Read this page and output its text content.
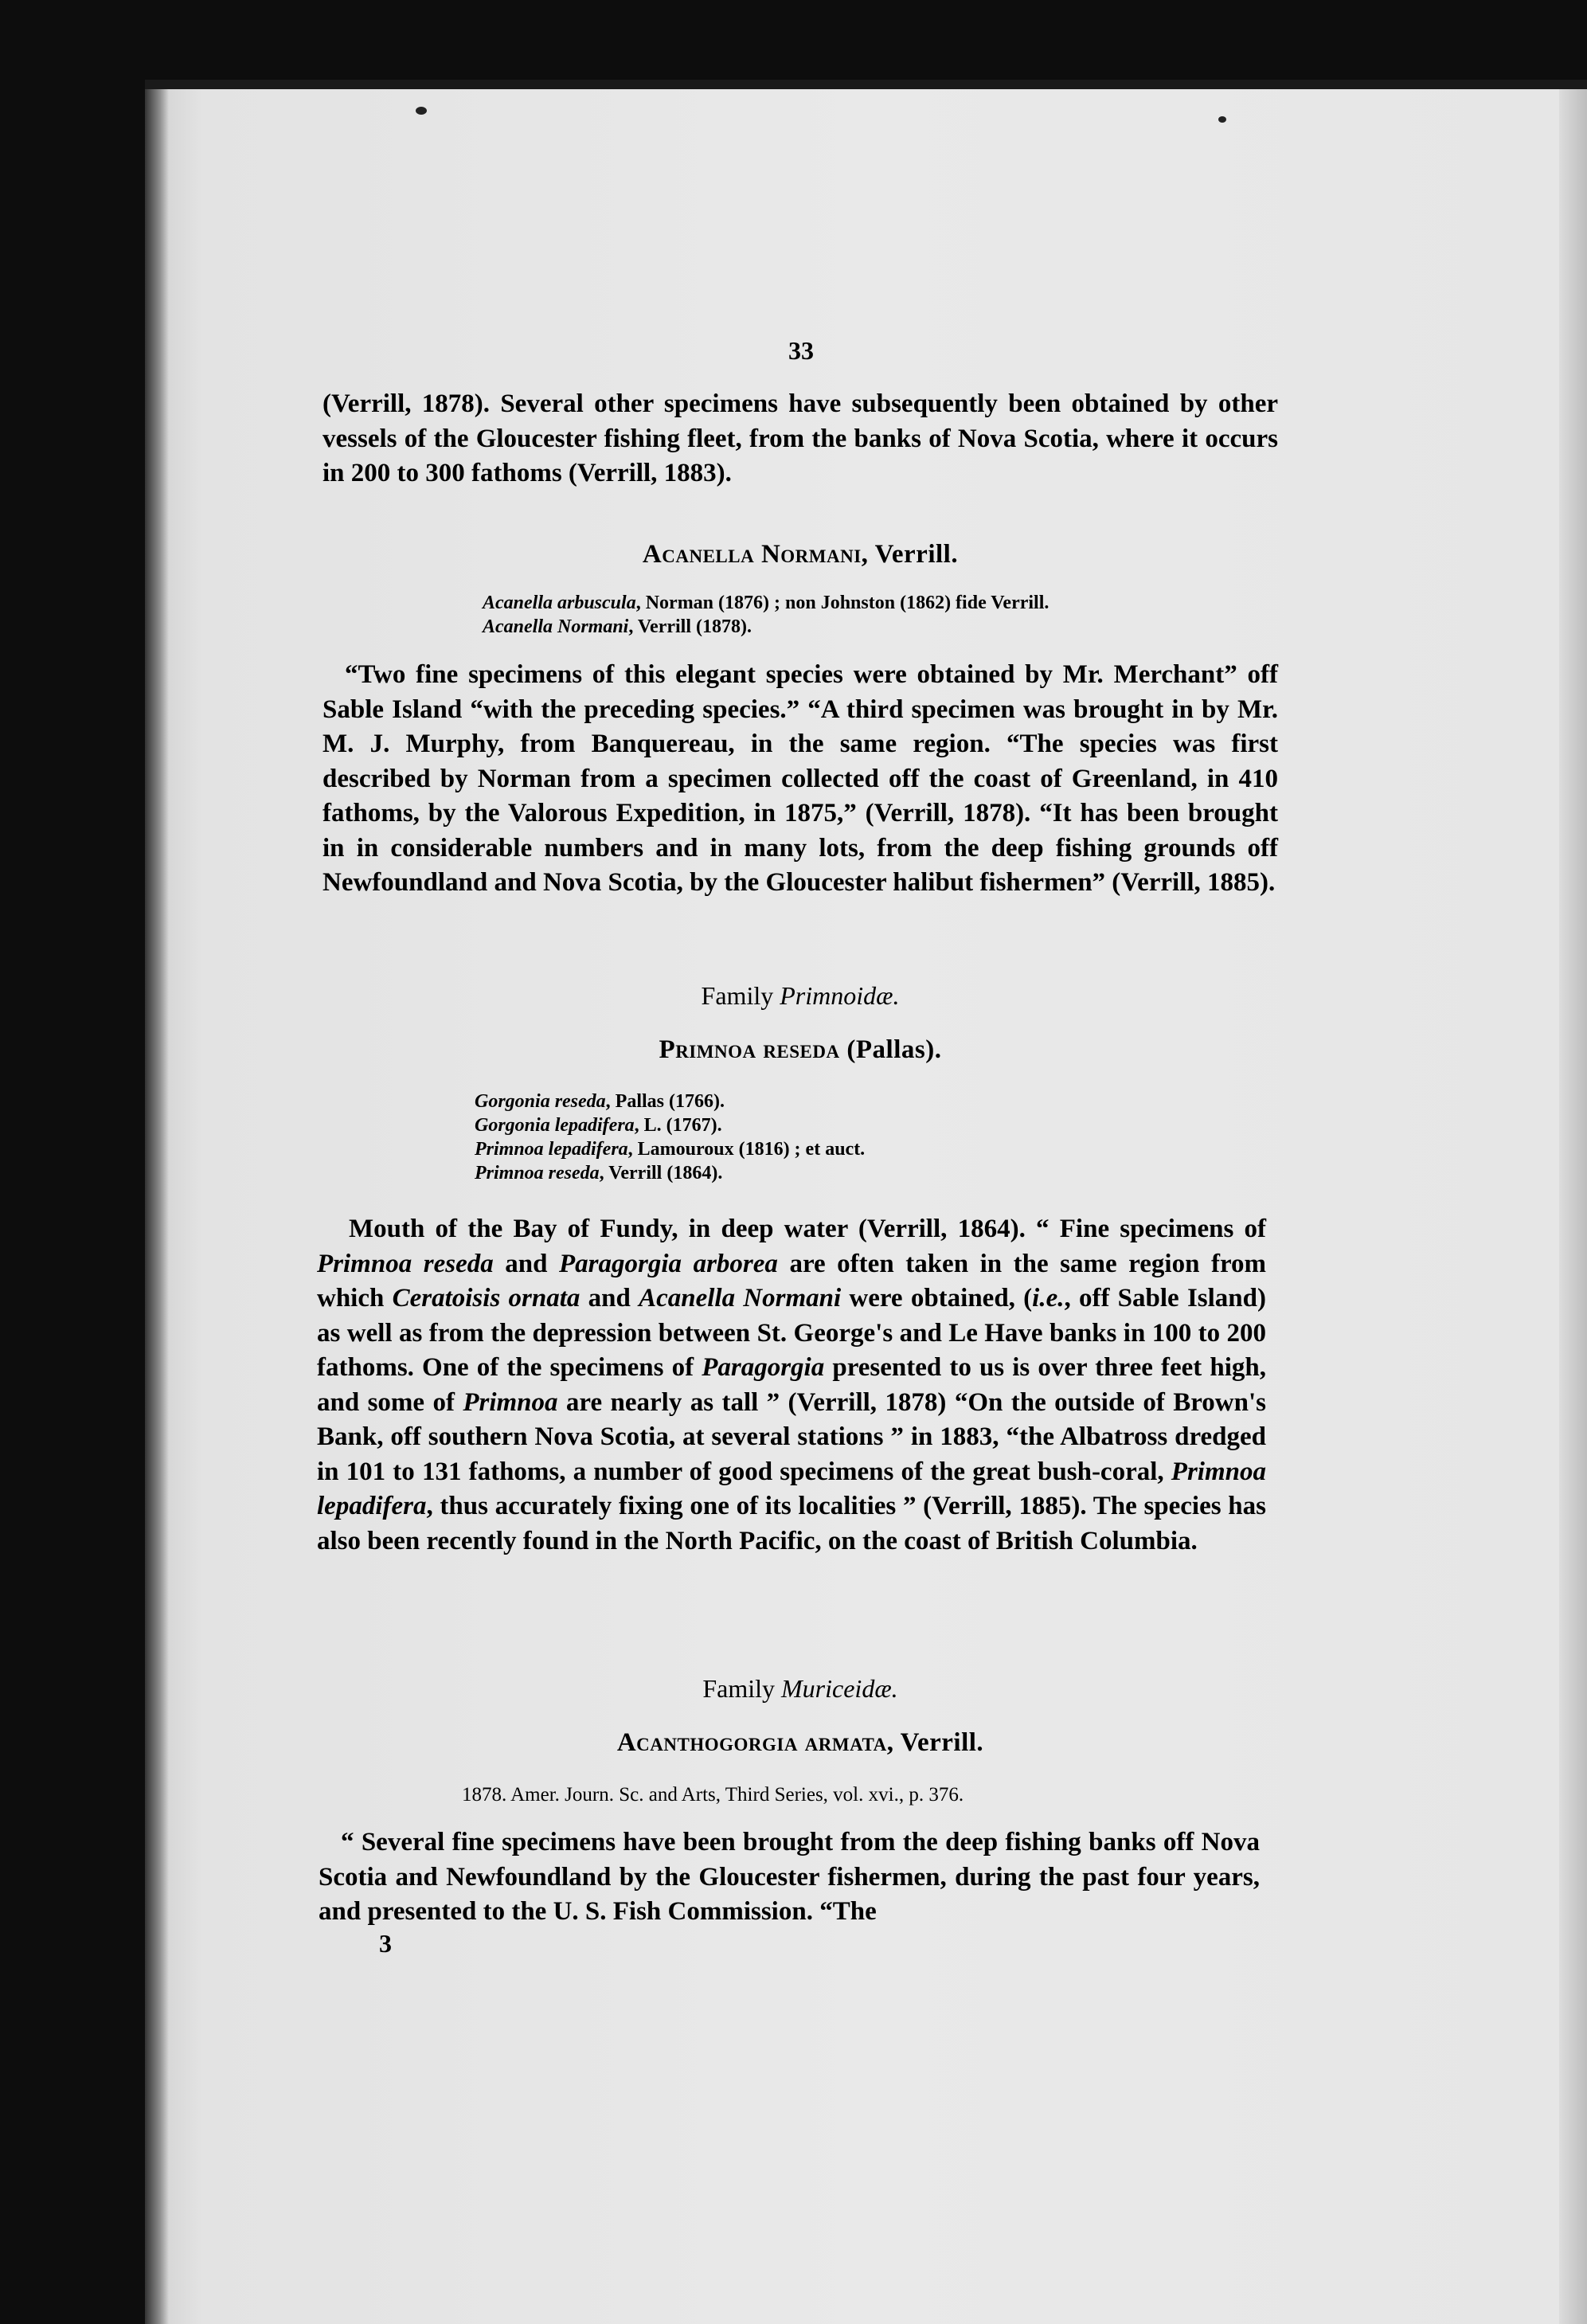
33

(Verrill, 1878). Several other specimens have subsequently been obtained by other vessels of the Gloucester fishing fleet, from the banks of Nova Scotia, where it occurs in 200 to 300 fathoms (Verrill, 1883).

Acanella Normani, Verrill.
Acanella arbuscula, Norman (1876) ; non Johnston (1862) fide Verrill.
Acanella Normani, Verrill (1878).

“Two fine specimens of this elegant species were obtained by Mr. Merchant” off Sable Island “with the preceding species.” “A third specimen was brought in by Mr. M. J. Murphy, from Banquereau, in the same region. “The species was first described by Norman from a specimen collected off the coast of Greenland, in 410 fathoms, by the Valorous Expedition, in 1875,” (Verrill, 1878). “It has been brought in in considerable numbers and in many lots, from the deep fishing grounds off Newfoundland and Nova Scotia, by the Gloucester halibut fishermen” (Verrill, 1885).

Family Primnoidæ.
Primnoa reseda (Pallas).
Gorgonia reseda, Pallas (1766).
Gorgonia lepadifera, L. (1767).
Primnoa lepadifera, Lamouroux (1816) ; et auct.
Primnoa reseda, Verrill (1864).

Mouth of the Bay of Fundy, in deep water (Verrill, 1864). “ Fine specimens of Primnoa reseda and Paragorgia arborea are often taken in the same region from which Ceratoisis ornata and Acanella Normani were obtained, (i.e., off Sable Island) as well as from the depression between St. George's and Le Have banks in 100 to 200 fathoms. One of the specimens of Paragorgia presented to us is over three feet high, and some of Primnoa are nearly as tall ” (Verrill, 1878) “On the outside of Brown's Bank, off southern Nova Scotia, at several stations ” in 1883, “the Albatross dredged in 101 to 131 fathoms, a number of good specimens of the great bush-coral, Primnoa lepadifera, thus accurately fixing one of its localities ” (Verrill, 1885). The species has also been recently found in the North Pacific, on the coast of British Columbia.

Family Muriceidæ.
Acanthogorgia armata, Verrill.
1878. Amer. Journ. Sc. and Arts, Third Series, vol. xvi., p. 376.

“ Several fine specimens have been brought from the deep fishing banks off Nova Scotia and Newfoundland by the Gloucester fishermen, during the past four years, and presented to the U. S. Fish Commission. “The

3
